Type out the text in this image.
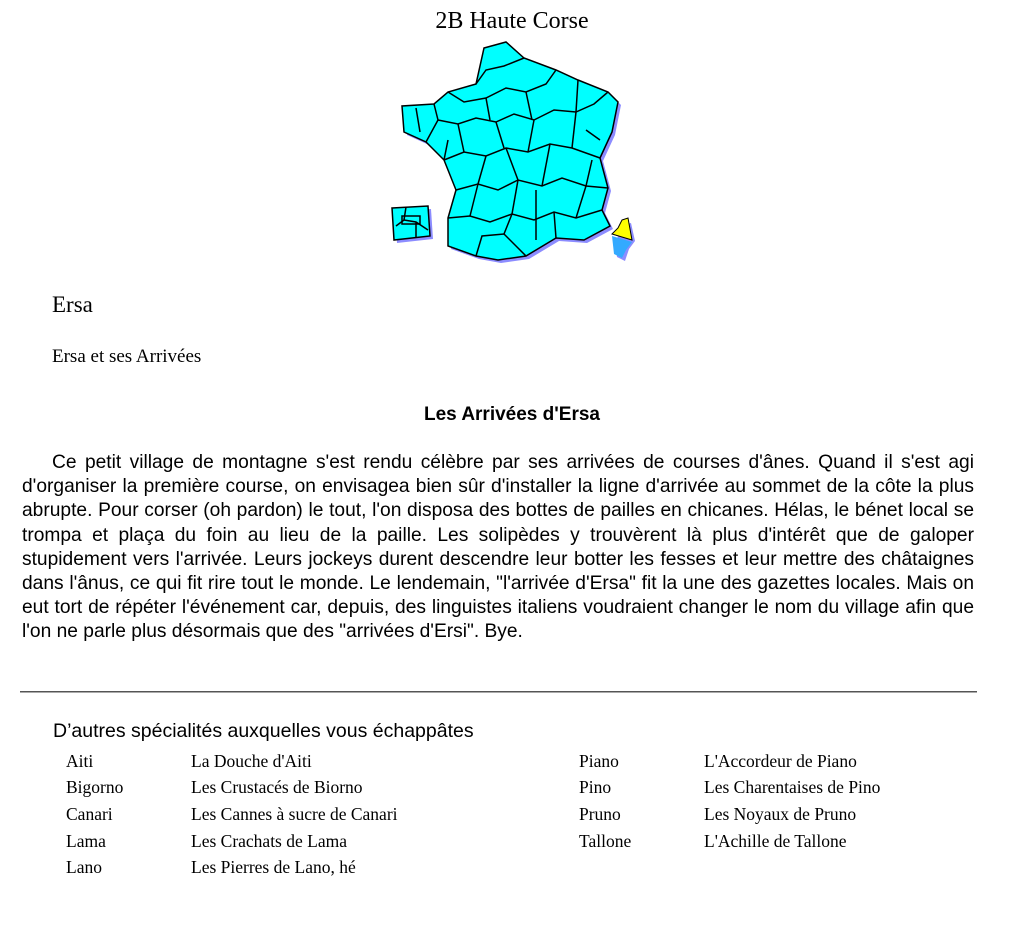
2B Haute Corse
Ersa
Ersa et ses Arrivées
Les Arrivées d'Ersa

Ce petit village de montagne s'est rendu célèbre par ses arrivées de courses d'ânes. Quand il s'est agi d'organiser la première course, on envisagea bien sûr d'installer la ligne d'arrivée au sommet de la côte la plus abrupte. Pour corser (oh pardon) le tout, l'on disposa des bottes de pailles en chicanes. Hélas, le bénet local se trompa et plaça du foin au lieu de la paille. Les solipèdes y trouvèrent là plus d'intérêt que de galoper stupidement vers l'arrivée. Leurs jockeys durent descendre leur botter les fesses et leur mettre des châtaignes dans l'ânus, ce qui fit rire tout le monde. Le lendemain, "l'arrivée d'Ersa" fit la une des gazettes locales. Mais on eut tort de répéter l'événement car, depuis, des linguistes italiens voudraient changer le nom du village afin que l'on ne parle plus désormais que des "arrivées d'Ersi". Bye.

D’autres spécialités auxquelles vous échappâtes
Aiti	La Douche d'Aiti
Bigorno	Les Crustacés de Biorno
Canari	Les Cannes à sucre de Canari
Lama	Les Crachats de Lama
Lano	Les Pierres de Lano, hé
Piano	L'Accordeur de Piano
Pino	Les Charentaises de Pino
Pruno	Les Noyaux de Pruno
Tallone	L'Achille de Tallone
